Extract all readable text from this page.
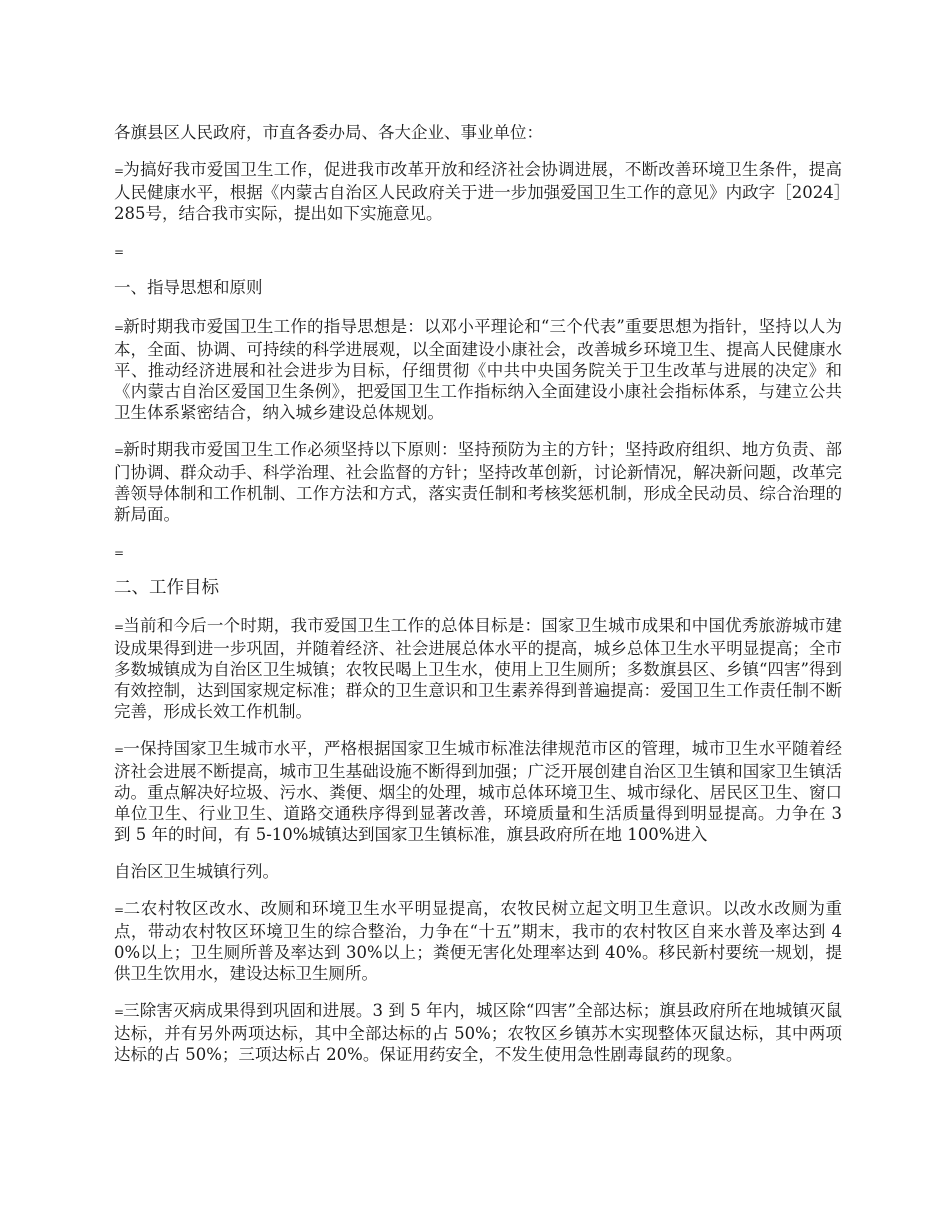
各旗县区人民政府，市直各委办局、各大企业、事业单位：

=为搞好我市爱国卫生工作，促进我市改革开放和经济社会协调进展，不断改善环境卫生条件，提高人民健康水平，根据《内蒙古自治区人民政府关于进一步加强爱国卫生工作的意见》内政字［2024］285号，结合我市实际，提出如下实施意见。

=

一、指导思想和原则

=新时期我市爱国卫生工作的指导思想是：以邓小平理论和“三个代表”重要思想为指针，坚持以人为本，全面、协调、可持续的科学进展观，以全面建设小康社会，改善城乡环境卫生、提高人民健康水平、推动经济进展和社会进步为目标，仔细贯彻《中共中央国务院关于卫生改革与进展的决定》和《内蒙古自治区爱国卫生条例》，把爱国卫生工作指标纳入全面建设小康社会指标体系，与建立公共卫生体系紧密结合，纳入城乡建设总体规划。

=新时期我市爱国卫生工作必须坚持以下原则：坚持预防为主的方针；坚持政府组织、地方负责、部门协调、群众动手、科学治理、社会监督的方针；坚持改革创新，讨论新情况，解决新问题，改革完善领导体制和工作机制、工作方法和方式，落实责任制和考核奖惩机制，形成全民动员、综合治理的新局面。

=

二、工作目标

=当前和今后一个时期，我市爱国卫生工作的总体目标是：国家卫生城市成果和中国优秀旅游城市建设成果得到进一步巩固，并随着经济、社会进展总体水平的提高，城乡总体卫生水平明显提高；全市多数城镇成为自治区卫生城镇；农牧民喝上卫生水，使用上卫生厕所；多数旗县区、乡镇“四害”得到有效控制，达到国家规定标准；群众的卫生意识和卫生素养得到普遍提高：爱国卫生工作责任制不断完善，形成长效工作机制。

=一保持国家卫生城市水平，严格根据国家卫生城市标准法律规范市区的管理，城市卫生水平随着经济社会进展不断提高，城市卫生基础设施不断得到加强；广泛开展创建自治区卫生镇和国家卫生镇活动。重点解决好垃圾、污水、粪便、烟尘的处理，城市总体环境卫生、城市绿化、居民区卫生、窗口单位卫生、行业卫生、道路交通秩序得到显著改善，环境质量和生活质量得到明显提高。力争在 3 到 5 年的时间，有 5-10%城镇达到国家卫生镇标准，旗县政府所在地 100%进入

自治区卫生城镇行列。

=二农村牧区改水、改厕和环境卫生水平明显提高，农牧民树立起文明卫生意识。以改水改厕为重点，带动农村牧区环境卫生的综合整治，力争在“十五”期末，我市的农村牧区自来水普及率达到 40%以上；卫生厕所普及率达到 30%以上；粪便无害化处理率达到 40%。移民新村要统一规划，提供卫生饮用水，建设达标卫生厕所。

=三除害灭病成果得到巩固和进展。3 到 5 年内，城区除“四害”全部达标；旗县政府所在地城镇灭鼠达标，并有另外两项达标，其中全部达标的占 50%；农牧区乡镇苏木实现整体灭鼠达标，其中两项达标的占 50%；三项达标占 20%。保证用药安全，不发生使用急性剧毒鼠药的现象。
